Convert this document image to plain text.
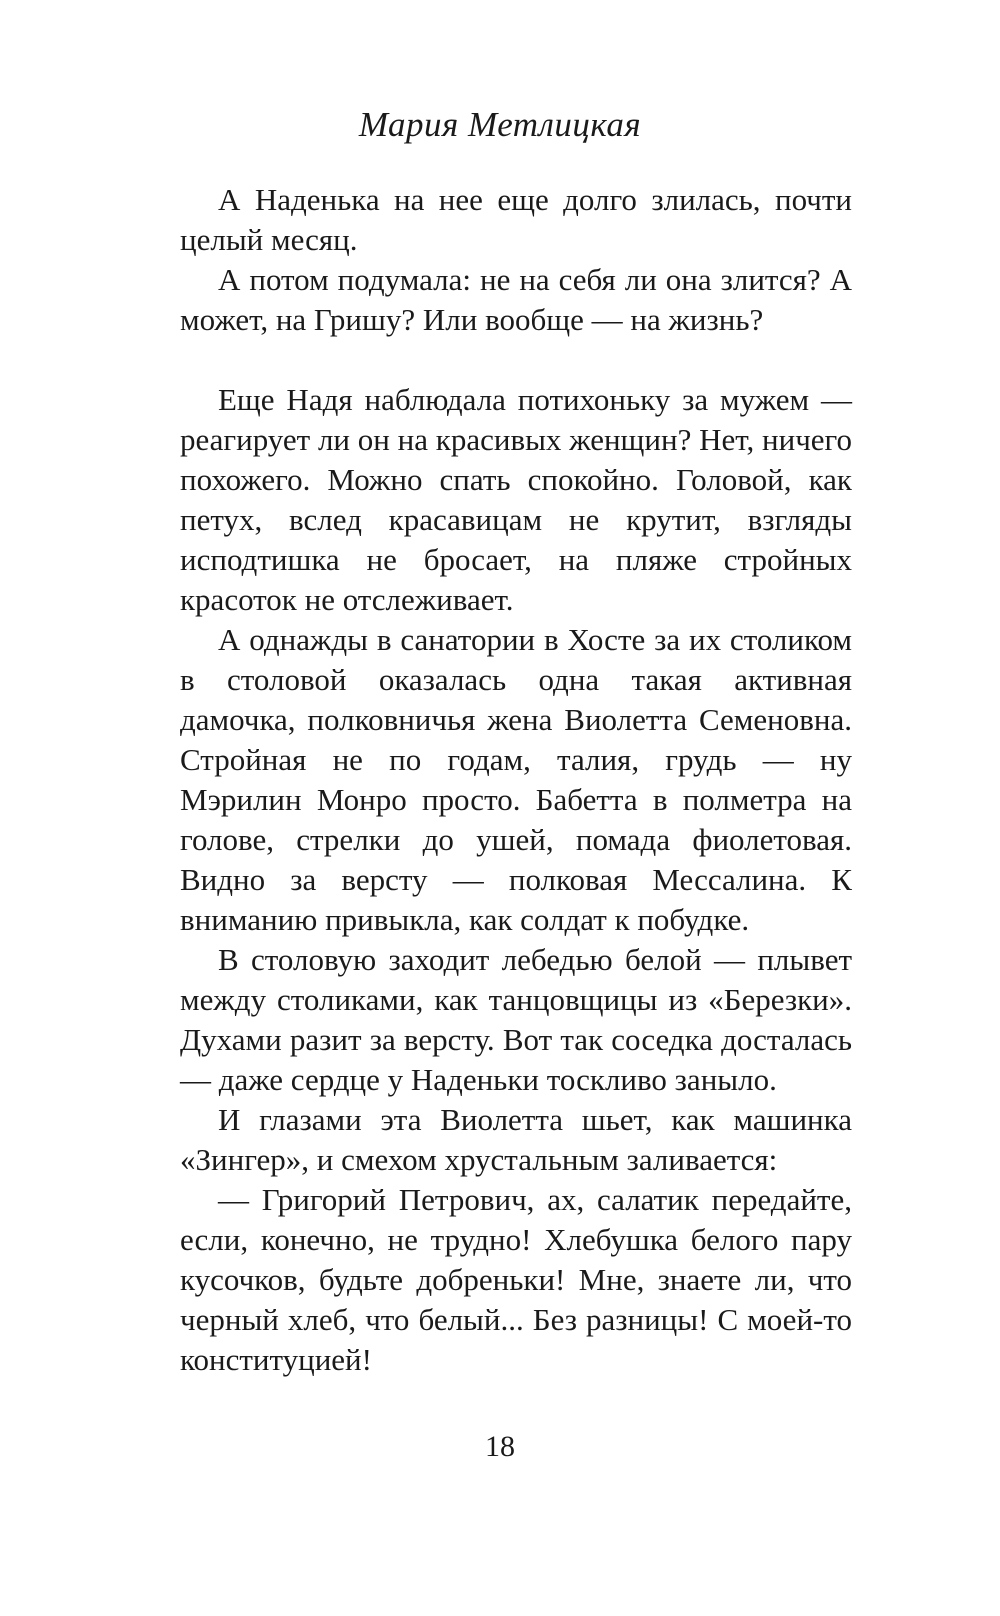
Мария Метлицкая

А Наденька на нее еще долго злилась, почти целый месяц.

А потом подумала: не на себя ли она злится? А может, на Гришу? Или вообще — на жизнь?

Еще Надя наблюдала потихоньку за мужем — реагирует ли он на красивых женщин? Нет, ничего похожего. Можно спать спокойно. Головой, как петух, вслед красавицам не крутит, взгляды исподтишка не бросает, на пляже стройных красоток не отслеживает.

А однажды в санатории в Хосте за их столиком в столовой оказалась одна такая активная дамочка, полковничья жена Виолетта Семеновна. Стройная не по годам, талия, грудь — ну Мэрилин Монро просто. Бабетта в полметра на голове, стрелки до ушей, помада фиолетовая. Видно за версту — полковая Мессалина. К вниманию привыкла, как солдат к побудке.

В столовую заходит лебедью белой — плывет между столиками, как танцовщицы из «Березки». Духами разит за версту. Вот так соседка досталась — даже сердце у Наденьки тоскливо заныло.

И глазами эта Виолетта шьет, как машинка «Зингер», и смехом хрустальным заливается:

— Григорий Петрович, ах, салатик передайте, если, конечно, не трудно! Хлебушка белого пару кусочков, будьте добреньки! Мне, знаете ли, что черный хлеб, что белый... Без разницы! С моей-то конституцией!

18
